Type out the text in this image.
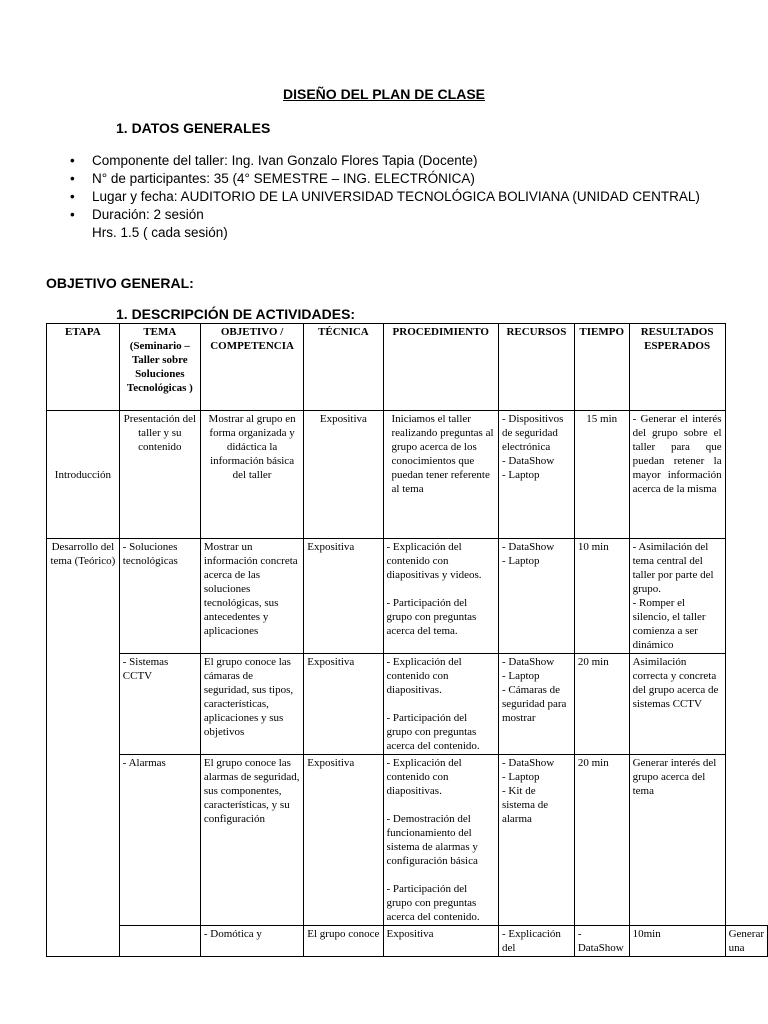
DISEÑO DEL PLAN DE CLASE
1. DATOS GENERALES
• Componente del taller: Ing. Ivan Gonzalo Flores Tapia (Docente)
• N° de participantes: 35 (4° SEMESTRE – ING. ELECTRÓNICA)
• Lugar y fecha: AUDITORIO DE LA UNIVERSIDAD TECNOLÓGICA BOLIVIANA (UNIDAD CENTRAL)
• Duración: 2 sesión
Hrs. 1.5 ( cada sesión)
OBJETIVO GENERAL:
1. DESCRIPCIÓN DE ACTIVIDADES:
ETAPA	TEMA (Seminario – Taller sobre Soluciones Tecnológicas )	OBJETIVO / COMPETENCIA	TÉCNICA	PROCEDIMIENTO	RECURSOS	TIEMPO	RESULTADOS ESPERADOS	
Introducción	Presentación del taller y su contenido	Mostrar al grupo en forma organizada y didáctica la información básica del taller	Expositiva	Iniciamos el taller realizando preguntas al grupo acerca de los conocimientos que puedan tener referente al tema	- Dispositivos de seguridad electrónica
- DataShow
- Laptop	15 min	- Generar el interés del grupo sobre el taller para que puedan retener la mayor información acerca de la misma	
Desarrollo del tema (Teórico)	- Soluciones tecnológicas	Mostrar un información concreta acerca de las soluciones tecnológicas, sus antecedentes y aplicaciones	Expositiva	- Explicación del contenido con diapositivas y videos.

- Participación del grupo con preguntas acerca del tema.	- DataShow
- Laptop	10 min	- Asimilación del tema central del taller por parte del grupo.
- Romper el silencio, el taller comienza a ser dinámico	
	- Sistemas CCTV	El grupo conoce las cámaras de seguridad, sus tipos, características, aplicaciones y sus objetivos	Expositiva	- Explicación del contenido con diapositivas.

- Participación del grupo con preguntas acerca del contenido.	- DataShow
- Laptop
- Cámaras de seguridad para mostrar	20 min	Asimilación correcta y concreta del grupo acerca de sistemas CCTV	
	- Alarmas	El grupo conoce las alarmas de seguridad, sus componentes, características, y su configuración	Expositiva	- Explicación del contenido con diapositivas.

- Demostración del funcionamiento del sistema de alarmas y configuración básica

- Participación del grupo con preguntas acerca del contenido.	- DataShow
- Laptop
- Kit de sistema de alarma	20 min	Generar interés del grupo acerca del tema	
		- Domótica y	El grupo conoce	Expositiva	- Explicación del	- DataShow	10min	Generar una
